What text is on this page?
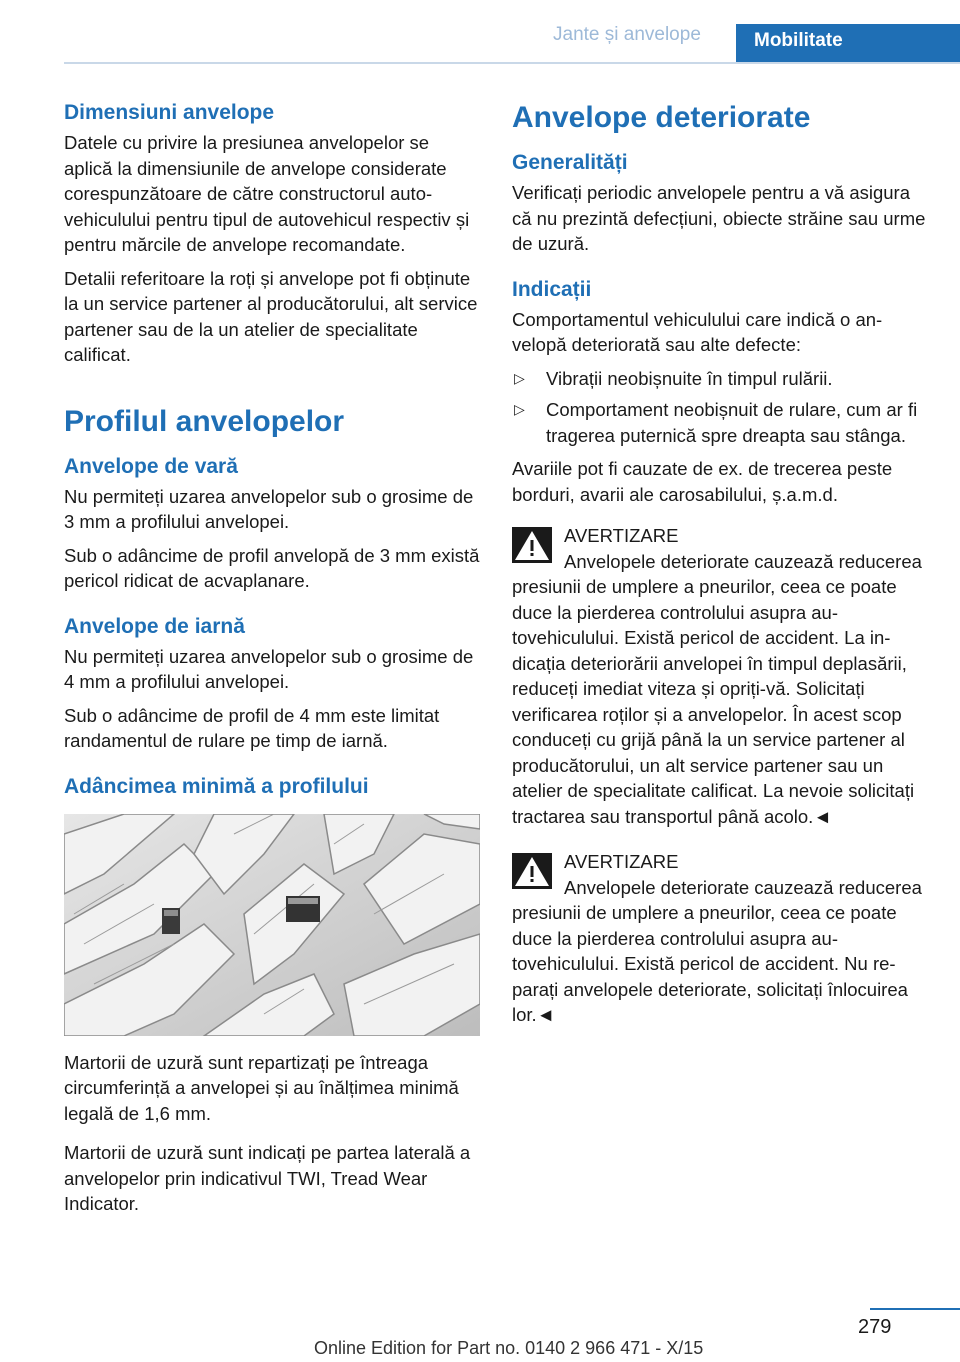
Jante și anvelope	Mobilitate
Dimensiuni anvelope

Datele cu privire la presiunea anvelopelor se aplică la dimensiunile de anvelope considerate corespunzătoare de către constructorul autovehiculului pentru tipul de autovehicul respectiv și pentru mărcile de anvelope recomandate.

Detalii referitoare la roți și anvelope pot fi obținute la un service partener al producătorului, alt service partener sau de la un atelier de specialitate calificat.

Profilul anvelopelor
Anvelope de vară

Nu permiteți uzarea anvelopelor sub o grosime de 3 mm a profilului anvelopei.

Sub o adâncime de profil anvelopă de 3 mm există pericol ridicat de acvaplanare.

Anvelope de iarnă

Nu permiteți uzarea anvelopelor sub o grosime de 4 mm a profilului anvelopei.

Sub o adâncime de profil de 4 mm este limitat randamentul de rulare pe timp de iarnă.

Adâncimea minimă a profilului

Martorii de uzură sunt repartizați pe întreaga circumferință a anvelopei și au înălțimea minimă legală de 1,6 mm.

Martorii de uzură sunt indicați pe partea laterală a anvelopelor prin indicativul TWI, Tread Wear Indicator.

Anvelope deteriorate
Generalități

Verificați periodic anvelopele pentru a vă asigura că nu prezintă defecțiuni, obiecte străine sau urme de uzură.

Indicații

Comportamentul vehiculului care indică o anvelopă deteriorată sau alte defecte:

▷ Vibrații neobișnuite în timpul rulării.
▷ Comportament neobișnuit de rulare, cum ar fi tragerea puternică spre dreapta sau stânga.

Avariile pot fi cauzate de ex. de trecerea peste borduri, avarii ale carosabilului, ș.a.m.d.

AVERTIZARE
Anvelopele deteriorate cauzează reducerea presiunii de umplere a pneurilor, ceea ce poate duce la pierderea controlului asupra autovehiculului. Există pericol de accident. La indicația deteriorării anvelopei în timpul deplasării, reduceți imediat viteza și opriți-vă. Solicitați verificarea roților și a anvelopelor. În acest scop conduceți cu grijă până la un service partener al producătorului, un alt service partener sau un atelier de specialitate calificat. La nevoie solicitați tractarea sau transportul până acolo.◄
AVERTIZARE
Anvelopele deteriorate cauzează reducerea presiunii de umplere a pneurilor, ceea ce poate duce la pierderea controlului asupra autovehiculului. Există pericol de accident. Nu reparați anvelopele deteriorate, solicitați înlocuirea lor.◄
279
Online Edition for Part no. 0140 2 966 471 - X/15
